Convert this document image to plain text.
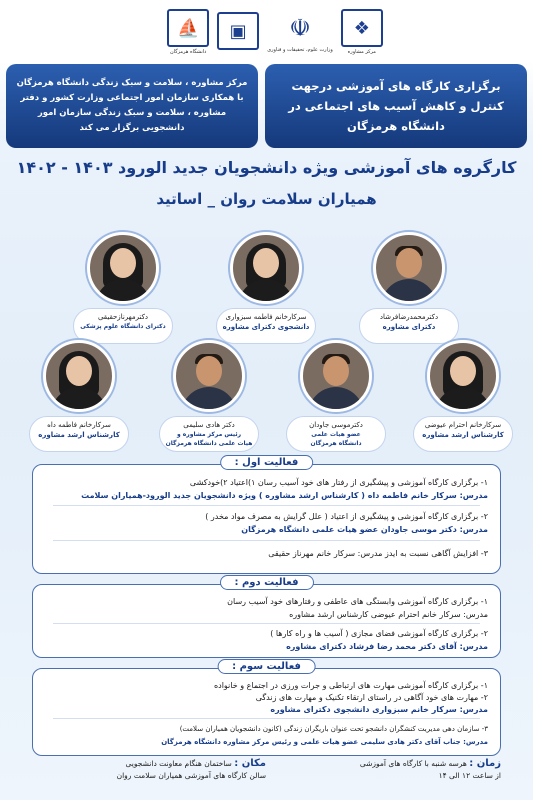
⛵
دانشگاه هرمزگان
▣	☫
وزارت علوم، تحقیقات و فناوری
❖
مرکز مشاوره
برگزاری کارگاه های آموزشی درجهت کنترل و کاهش آسیب های اجتماعی در دانشگاه هرمزگان
مرکز مشاوره ، سلامت و سبک زندگی دانشگاه هرمزگان با همکاری سازمان امور اجتماعی وزارت کشور و دفتر مشاوره ، سلامت و سبک زندگی سازمان امور دانشجویی برگزار می کند
کارگروه های آموزشی ویژه دانشجویان جدید الورود ۱۴۰۳ - ۱۴۰۲
همیاران سلامت روان _ اساتید
دکترمحمدرضافرشاد
دکترای مشاوره
سرکارخانم فاطمه سبزواری
دانشجوی دکترای مشاوره
دکترمهرنازحقیقی
دکترای دانشگاه علوم پزشکی
سرکارخانم احترام عیوضی
کارشناس ارشد مشاوره
دکترموسی جاودان
عضو هیات علمی
دانشگاه هرمزگان
دکتر هادی سلیمی
رئیس مرکز مشاوره و
هیات علمی دانشگاه هرمزگان
سرکارخانم فاطمه داه
کارشناس ارشد مشاوره
فعالیت اول :
۱- برگزاری کارگاه آموزشی و پیشگیری از رفتار های خود آسیب رسان ۱)اعتیاد ۲)خودکشی
مدرس: سرکار خانم فاطمه داه ( کارشناس ارشد مشاوره ) ویژه دانشجویان جدید الورود-همیاران سلامت
۲- برگزاری کارگاه آموزشی و پیشگیری از اعتیاد ( علل گرایش به مصرف مواد مخدر )
مدرس: دکتر موسی جاودان عضو هیات علمی دانشگاه هرمزگان
۳- افزایش آگاهی نسبت به ایدز مدرس: سرکار خانم مهرناز حقیقی
فعالیت دوم :
۱- برگزاری کارگاه آموزشی وابستگی های عاطفی و رفتارهای خود آسیب رسان
مدرس: سرکار خانم احترام عیوضی کارشناس ارشد مشاوره
۲- برگزاری کارگاه آموزشی فضای مجازی ( آسیب ها و راه کارها )
مدرس: آقای دکتر محمد رضا فرشاد دکترای مشاوره
فعالیت سوم :
۱- برگزاری کارگاه آموزشی مهارت های ارتباطی و جرات ورزی در اجتماع و خانواده
۲- مهارت های خود آگاهی در راستای ارتقاء تکنیک و مهارت های زندگی
مدرس: سرکار خانم سبزواری دانشجوی دکترای مشاوره
۳- سازمان دهی مدیریت کنشگران دانشجو تحت عنوان باریگران زندگی (کانون دانشجویان همیاران سلامت)
مدرس: جناب آقای دکتر هادی سلیمی عضو هیات علمی و رئیس مرکز مشاوره دانشگاه هرمزگان
زمان : هرسه شنبه با کارگاه های آموزشی
از ساعت ۱۲ الی ۱۴
مکان : ساختمان هنگام معاونت دانشجویی
سالن کارگاه های آموزشی همیاران سلامت روان
